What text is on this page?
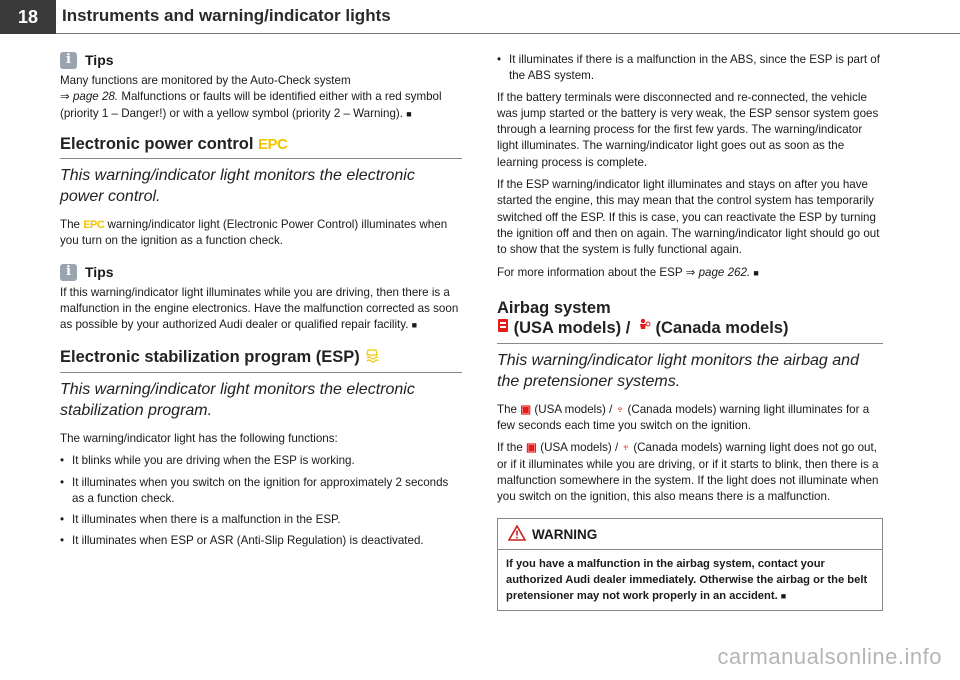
18	Instruments and warning/indicator lights
i	Tips

Many functions are monitored by the Auto-Check system
⇒ page 28. Malfunctions or faults will be identified either with a red symbol (priority 1 – Danger!) or with a yellow symbol (priority 2 – Warning). ■

Electronic power control EPC
This warning/indicator light monitors the electronic power control.

The EPC warning/indicator light (Electronic Power Control) illuminates when you turn on the ignition as a function check.

i	Tips

If this warning/indicator light illuminates while you are driving, then there is a malfunction in the engine electronics. Have the malfunction corrected as soon as possible by your authorized Audi dealer or qualified repair facility. ■

Electronic stabilization program (ESP)
This warning/indicator light monitors the electronic stabilization program.

The warning/indicator light has the following functions:

• It blinks while you are driving when the ESP is working.
• It illuminates when you switch on the ignition for approximately 2 seconds as a function check.
• It illuminates when there is a malfunction in the ESP.
• It illuminates when ESP or ASR (Anti-Slip Regulation) is deactivated.
• It illuminates if there is a malfunction in the ABS, since the ESP is part of the ABS system.

If the battery terminals were disconnected and re-connected, the vehicle was jump started or the battery is very weak, the ESP sensor system goes through a learning process for the first few yards. The warning/indicator light illuminates. The warning/indicator light goes out as soon as the learning process is complete.

If the ESP warning/indicator light illuminates and stays on after you have started the engine, this may mean that the control system has temporarily switched off the ESP. If this is case, you can reactivate the ESP by turning the ignition off and then on again. The warning/indicator light should go out to show that the system is fully functional again.

For more information about the ESP ⇒ page 262. ■

Airbag system
(USA models) /  (Canada models)
This warning/indicator light monitors the airbag and the pretensioner systems.

The ▣ (USA models) / ♆ (Canada models) warning light illuminates for a few seconds each time you switch on the ignition.

If the ▣ (USA models) / ♆ (Canada models) warning light does not go out, or if it illuminates while you are driving, or if it starts to blink, then there is a malfunction somewhere in the system. If the light does not illuminate when you switch on the ignition, this also means there is a malfunction.

WARNING
If you have a malfunction in the airbag system, contact your authorized Audi dealer immediately. Otherwise the airbag or the belt pretensioner may not work properly in an accident. ■
carmanualsonline.info
